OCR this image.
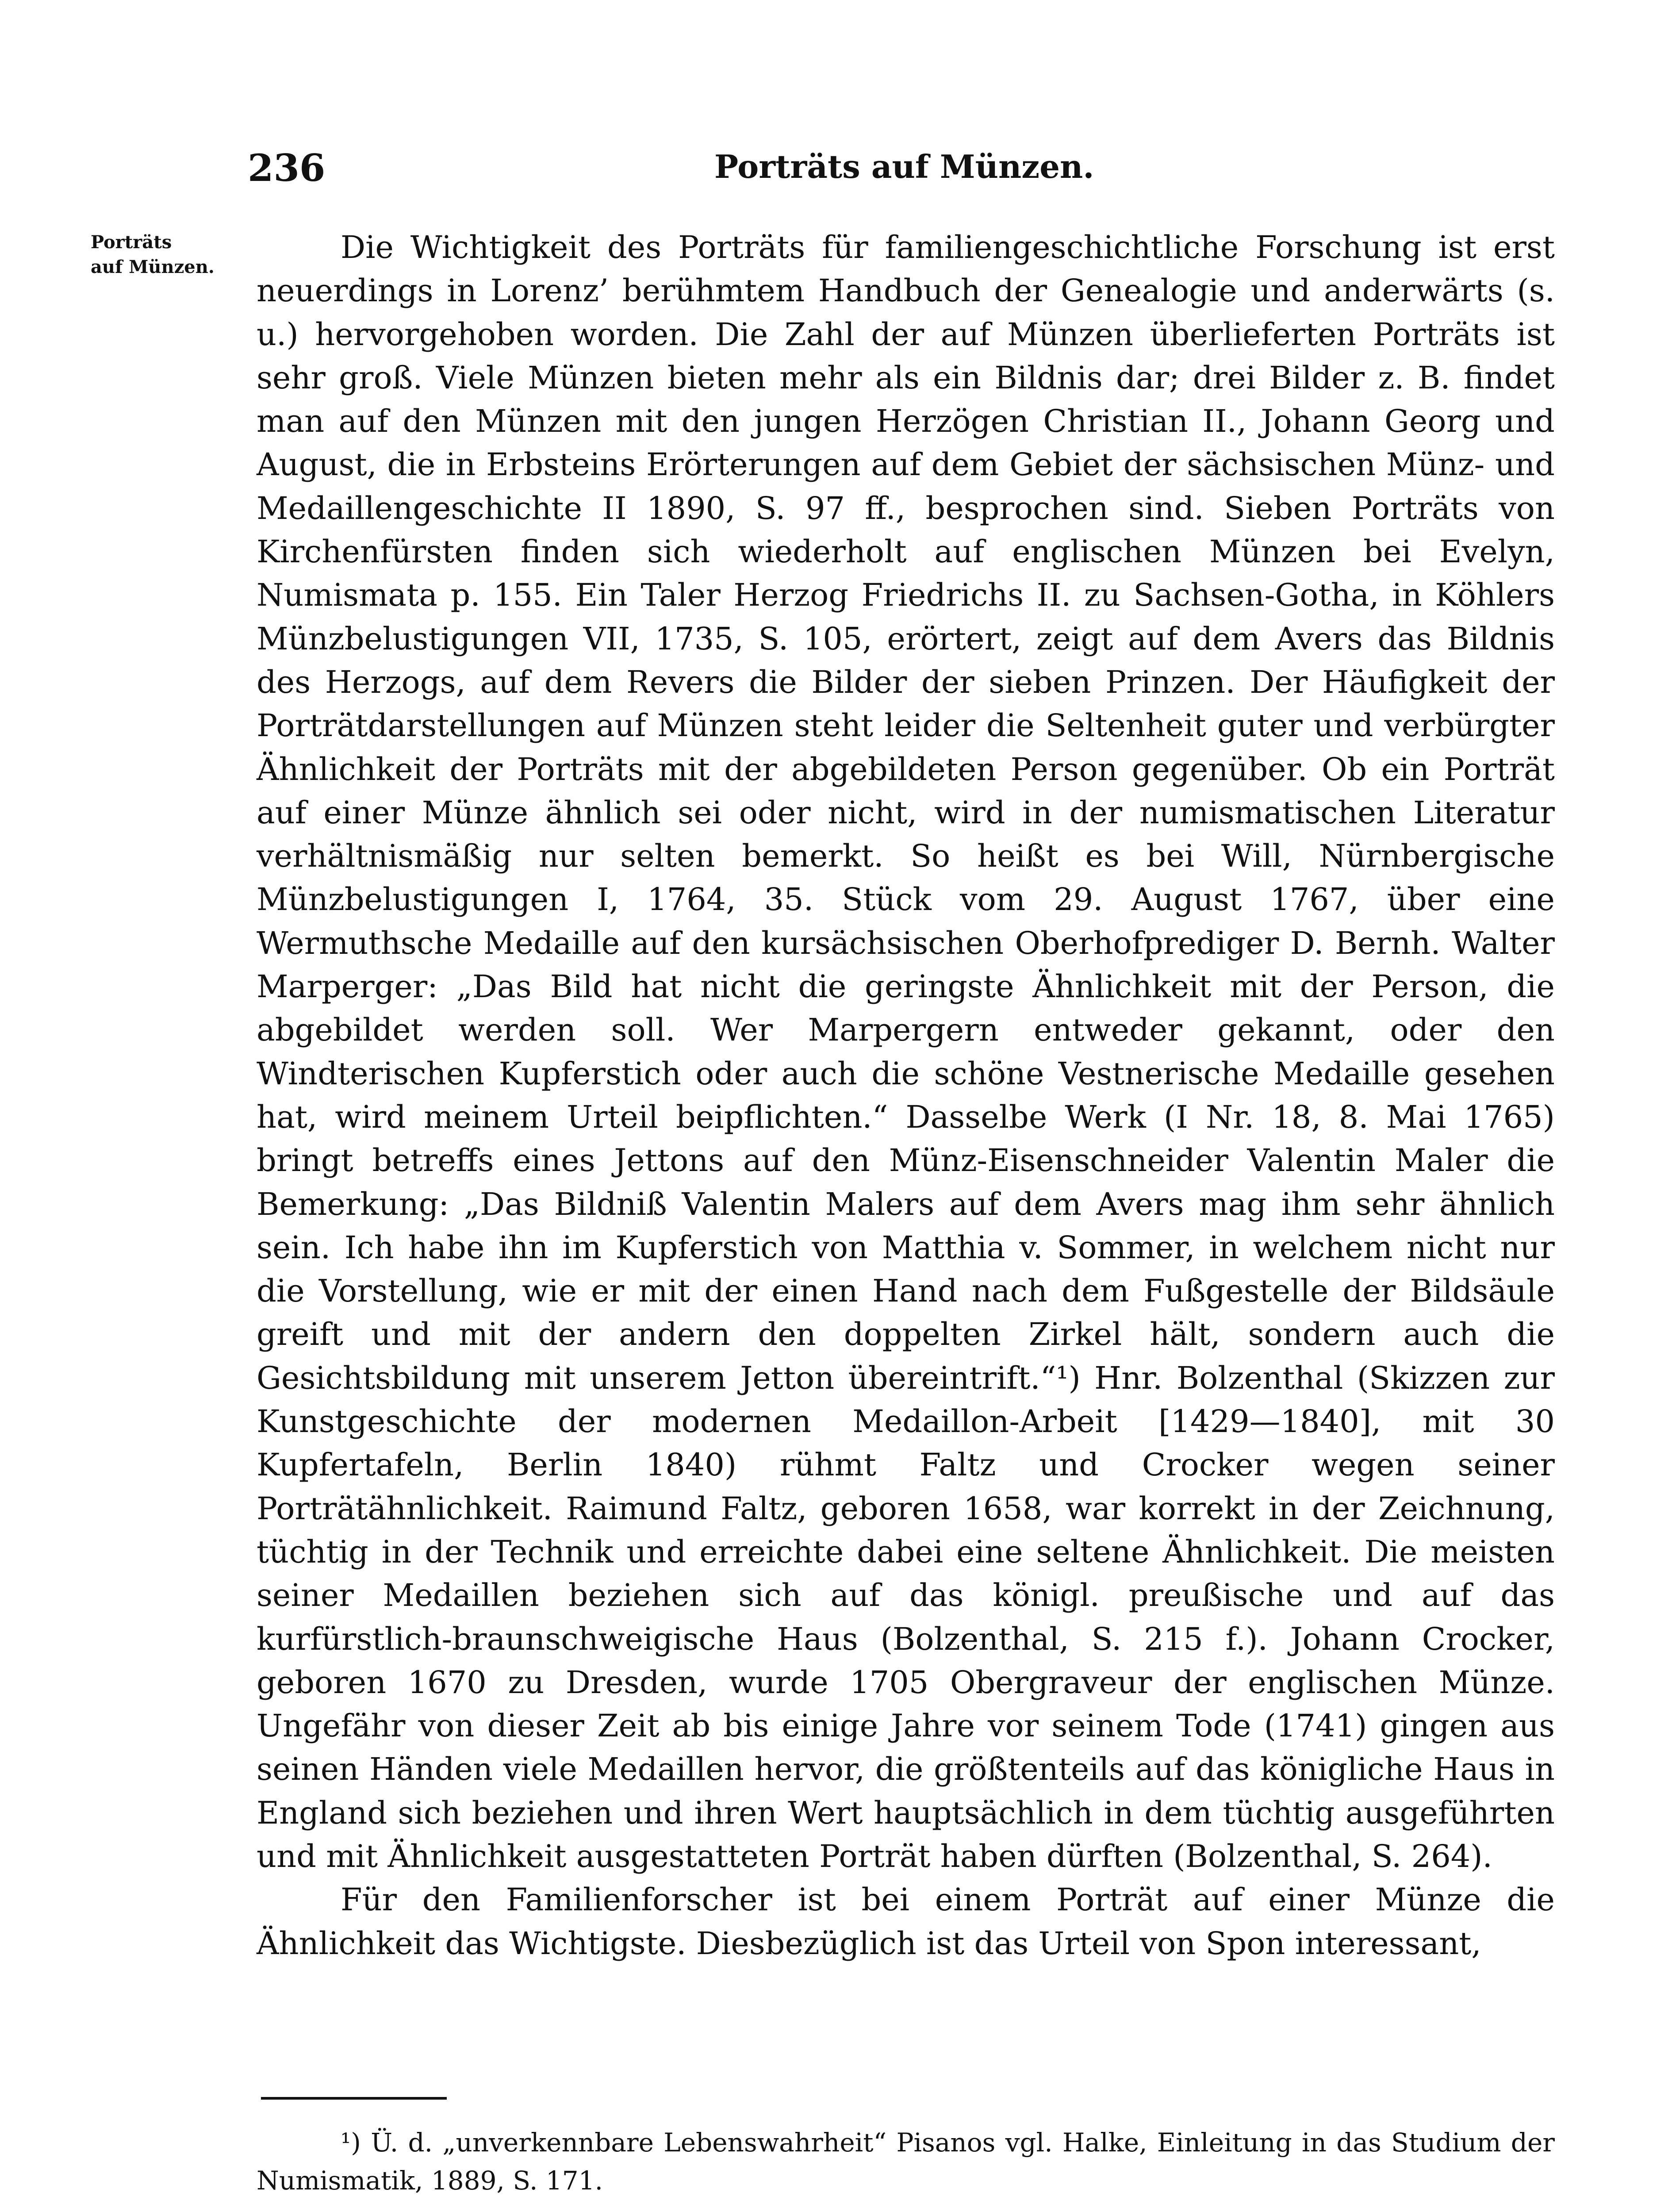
236	Porträts auf Münzen.
Porträts
auf Münzen.

Die Wichtigkeit des Porträts für familiengeschichtliche Forschung ist erst neuerdings in Lorenz’ berühmtem Handbuch der Genealogie und anderwärts (s. u.) hervorgehoben worden. Die Zahl der auf Münzen überlieferten Porträts ist sehr groß. Viele Münzen bieten mehr als ein Bildnis dar; drei Bilder z. B. findet man auf den Münzen mit den jungen Herzögen Christian II., Johann Georg und August, die in Erbsteins Erörterungen auf dem Gebiet der sächsischen Münz- und Medaillengeschichte II 1890, S. 97 ff., besprochen sind. Sieben Porträts von Kirchenfürsten finden sich wiederholt auf englischen Münzen bei Evelyn, Numismata p. 155. Ein Taler Herzog Friedrichs II. zu Sachsen-Gotha, in Köhlers Münzbelustigungen VII, 1735, S. 105, erörtert, zeigt auf dem Avers das Bildnis des Herzogs, auf dem Revers die Bilder der sieben Prinzen. Der Häufigkeit der Porträtdarstellungen auf Münzen steht leider die Seltenheit guter und verbürgter Ähnlichkeit der Porträts mit der abgebildeten Person gegenüber. Ob ein Porträt auf einer Münze ähnlich sei oder nicht, wird in der numismatischen Literatur verhältnismäßig nur selten bemerkt. So heißt es bei Will, Nürnbergische Münzbelustigungen I, 1764, 35. Stück vom 29. August 1767, über eine Wermuthsche Medaille auf den kursächsischen Oberhofprediger D. Bernh. Walter Marperger: „Das Bild hat nicht die geringste Ähnlichkeit mit der Person, die abgebildet werden soll. Wer Marpergern entweder gekannt, oder den Windterischen Kupferstich oder auch die schöne Vestnerische Medaille gesehen hat, wird meinem Urteil beipflichten.“ Dasselbe Werk (I Nr. 18, 8. Mai 1765) bringt betreffs eines Jettons auf den Münz-Eisenschneider Valentin Maler die Bemerkung: „Das Bildniß Valentin Malers auf dem Avers mag ihm sehr ähnlich sein. Ich habe ihn im Kupferstich von Matthia v. Sommer, in welchem nicht nur die Vorstellung, wie er mit der einen Hand nach dem Fußgestelle der Bildsäule greift und mit der andern den doppelten Zirkel hält, sondern auch die Gesichtsbildung mit unserem Jetton übereintrift.“¹) Hnr. Bolzenthal (Skizzen zur Kunstgeschichte der modernen Medaillon-Arbeit [1429—1840], mit 30 Kupfertafeln, Berlin 1840) rühmt Faltz und Crocker wegen seiner Porträtähnlichkeit. Raimund Faltz, geboren 1658, war korrekt in der Zeichnung, tüchtig in der Technik und erreichte dabei eine seltene Ähnlichkeit. Die meisten seiner Medaillen beziehen sich auf das königl. preußische und auf das kurfürstlich-braunschweigische Haus (Bolzenthal, S. 215 f.). Johann Crocker, geboren 1670 zu Dresden, wurde 1705 Obergraveur der englischen Münze. Ungefähr von dieser Zeit ab bis einige Jahre vor seinem Tode (1741) gingen aus seinen Händen viele Medaillen hervor, die größtenteils auf das königliche Haus in England sich beziehen und ihren Wert hauptsächlich in dem tüchtig ausgeführten und mit Ähnlichkeit ausgestatteten Porträt haben dürften (Bolzenthal, S. 264).

Für den Familienforscher ist bei einem Porträt auf einer Münze die Ähnlichkeit das Wichtigste. Diesbezüglich ist das Urteil von Spon interessant,

¹) Ü. d. „unverkennbare Lebenswahrheit“ Pisanos vgl. Halke, Einleitung in das Studium der Numismatik, 1889, S. 171.
